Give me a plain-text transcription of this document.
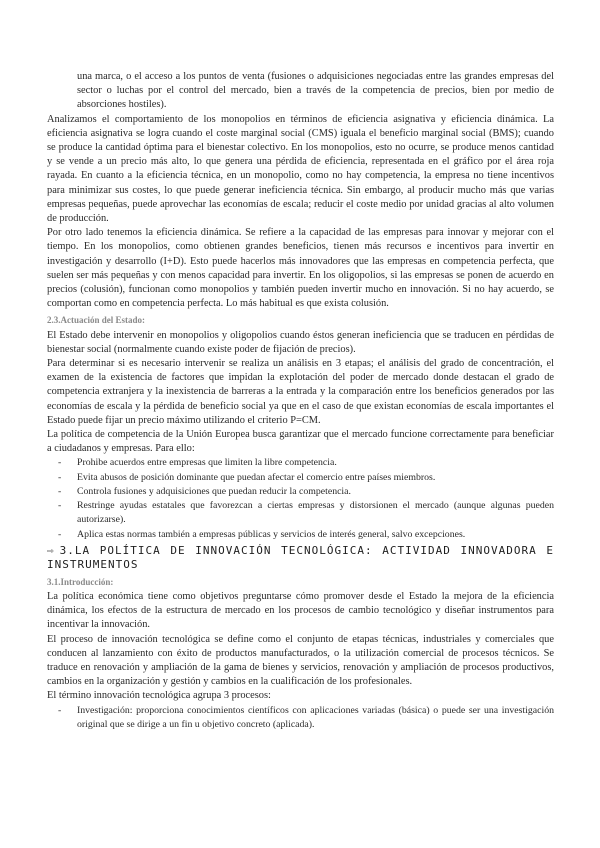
una marca, o el acceso a los puntos de venta (fusiones o adquisiciones negociadas entre las grandes empresas del sector o luchas por el control del mercado, bien a través de la competencia de precios, bien por medio de absorciones hostiles).

Analizamos el comportamiento de los monopolios en términos de eficiencia asignativa y eficiencia dinámica. La eficiencia asignativa se logra cuando el coste marginal social (CMS) iguala el beneficio marginal social (BMS); cuando se produce la cantidad óptima para el bienestar colectivo. En los monopolios, esto no ocurre, se produce menos cantidad y se vende a un precio más alto, lo que genera una pérdida de eficiencia, representada en el gráfico por el área roja rayada. En cuanto a la eficiencia técnica, en un monopolio, como no hay competencia, la empresa no tiene incentivos para minimizar sus costes, lo que puede generar ineficiencia técnica. Sin embargo, al producir mucho más que varias empresas pequeñas, puede aprovechar las economías de escala; reducir el coste medio por unidad gracias al alto volumen de producción.

Por otro lado tenemos la eficiencia dinámica. Se refiere a la capacidad de las empresas para innovar y mejorar con el tiempo. En los monopolios, como obtienen grandes beneficios, tienen más recursos e incentivos para invertir en investigación y desarrollo (I+D). Esto puede hacerlos más innovadores que las empresas en competencia perfecta, que suelen ser más pequeñas y con menos capacidad para invertir. En los oligopolios, si las empresas se ponen de acuerdo en precios (colusión), funcionan como monopolios y también pueden invertir mucho en innovación. Si no hay acuerdo, se comportan como en competencia perfecta. Lo más habitual es que exista colusión.

2.3.Actuación del Estado:

El Estado debe intervenir en monopolios y oligopolios cuando éstos generan ineficiencia que se traducen en pérdidas de bienestar social (normalmente cuando existe poder de fijación de precios).

Para determinar si es necesario intervenir se realiza un análisis en 3 etapas; el análisis del grado de concentración, el examen de la existencia de factores que impidan la explotación del poder de mercado donde destacan el grado de competencia extranjera y la inexistencia de barreras a la entrada y la comparación entre los beneficios generados por las economías de escala y la pérdida de beneficio social ya que en el caso de que existan economías de escala importantes el Estado puede fijar un precio máximo utilizando el criterio P=CM.

La política de competencia de la Unión Europea busca garantizar que el mercado funcione correctamente para beneficiar a ciudadanos y empresas. Para ello:

- Prohibe acuerdos entre empresas que limiten la libre competencia.
- Evita abusos de posición dominante que puedan afectar el comercio entre países miembros.
- Controla fusiones y adquisiciones que puedan reducir la competencia.
- Restringe ayudas estatales que favorezcan a ciertas empresas y distorsionen el mercado (aunque algunas pueden autorizarse).
- Aplica estas normas también a empresas públicas y servicios de interés general, salvo excepciones.
⇨ 3.LA POLÍTICA DE INNOVACIÓN TECNOLÓGICA: ACTIVIDAD INNOVADORA E INSTRUMENTOS
3.1.Introducción:

La política económica tiene como objetivos preguntarse cómo promover desde el Estado la mejora de la eficiencia dinámica, los efectos de la estructura de mercado en los procesos de cambio tecnológico y diseñar instrumentos para incentivar la innovación.

El proceso de innovación tecnológica se define como el conjunto de etapas técnicas, industriales y comerciales que conducen al lanzamiento con éxito de productos manufacturados, o la utilización comercial de procesos técnicos. Se traduce en renovación y ampliación de la gama de bienes y servicios, renovación y ampliación de procesos productivos, cambios en la organización y gestión y cambios en la cualificación de los profesionales.

El término innovación tecnológica agrupa 3 procesos:

- Investigación: proporciona conocimientos científicos con aplicaciones variadas (básica) o puede ser una investigación original que se dirige a un fin u objetivo concreto (aplicada).
